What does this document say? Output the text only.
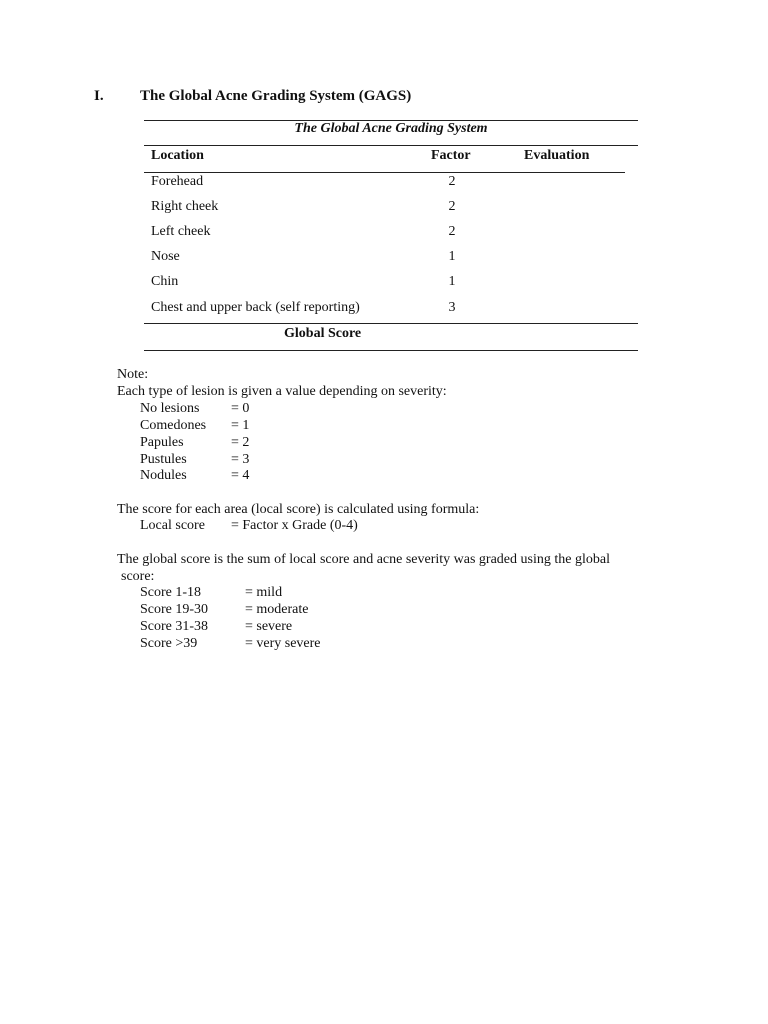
I. The Global Acne Grading System (GAGS)
The Global Acne Grading System
Location	Factor	Evaluation
Forehead	2
Right cheek	2
Left cheek	2
Nose	1
Chin	1
Chest and upper back (self reporting)	3
Global Score
Note:
Each type of lesion is given a value depending on severity:
No lesions = 0
Comedones = 1
Papules	= 2
Pustules	= 3
Nodules	= 4
The score for each area (local score) is calculated using formula:
Local score = Factor x Grade (0-4)
The global score is the sum of local score and acne severity was graded using the global
score:
Score 1-18	= mild
Score 19-30	= moderate
Score 31-38	= severe
Score >39	= very severe
